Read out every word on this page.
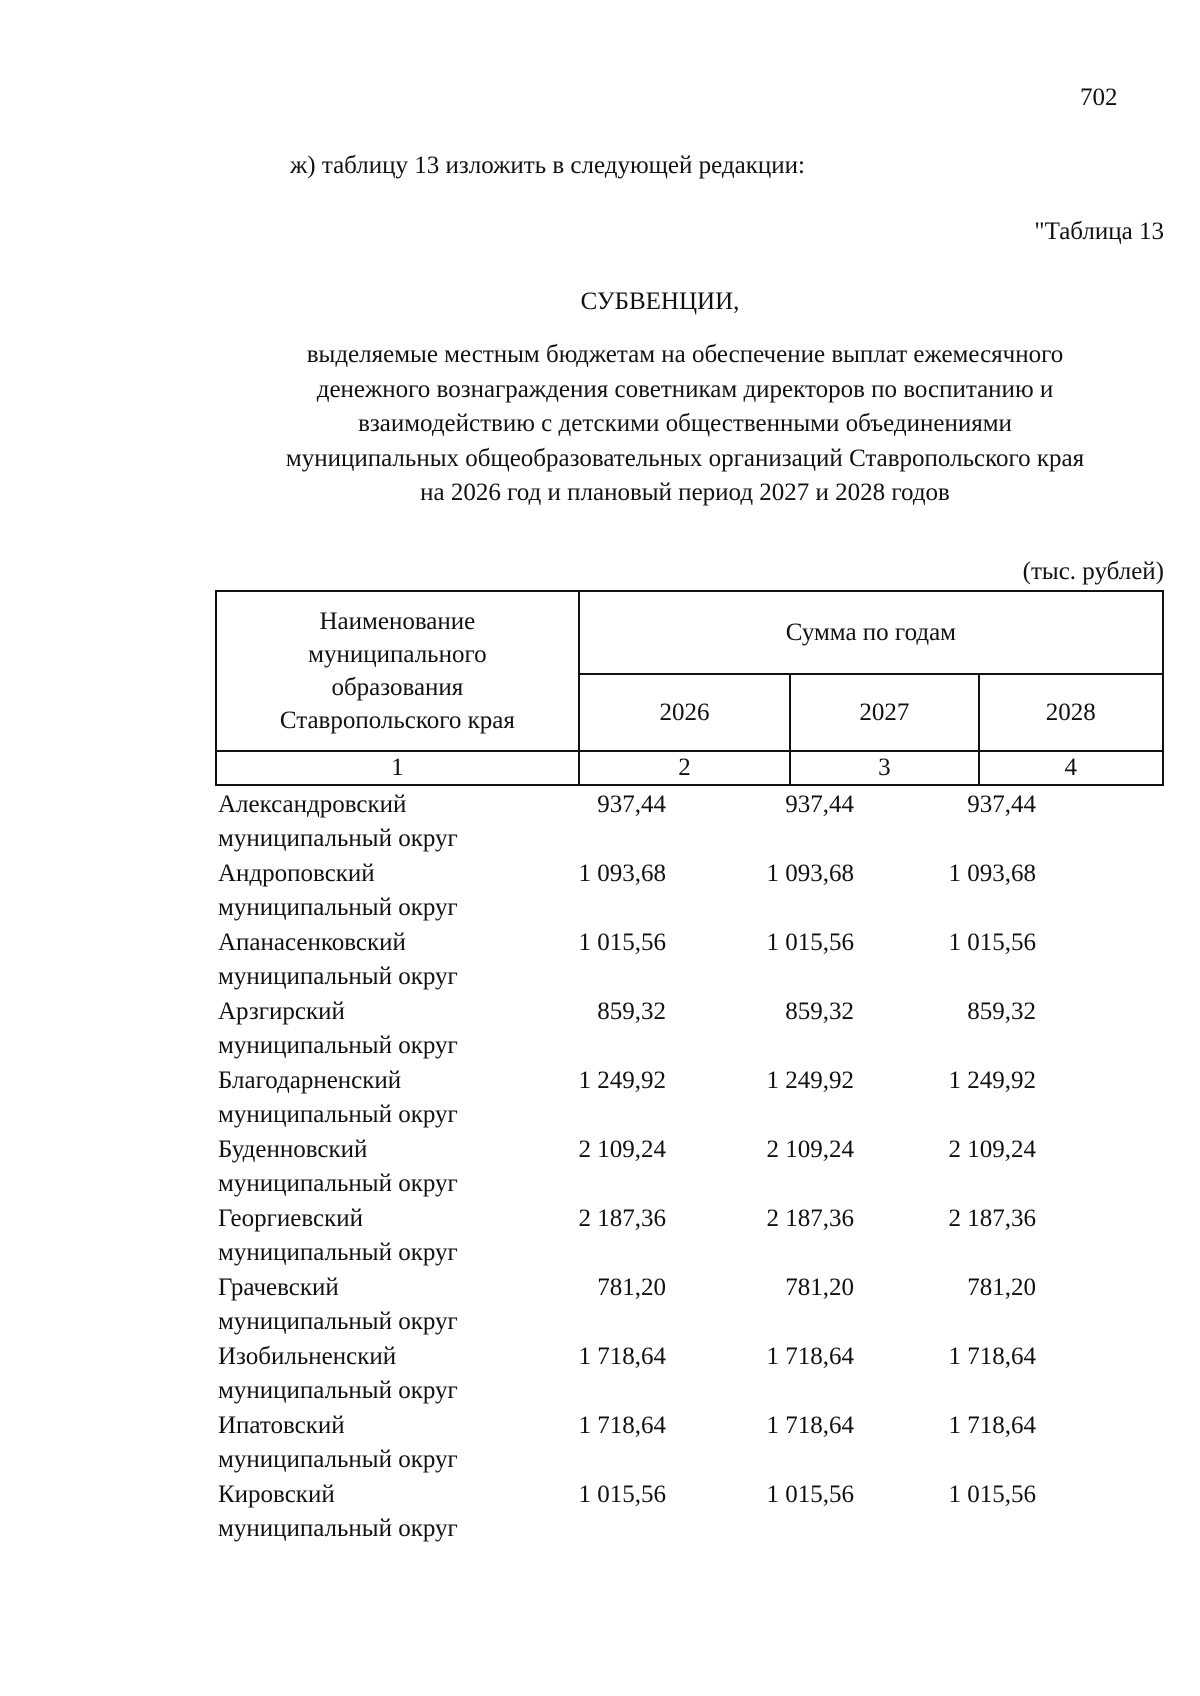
702
ж) таблицу 13 изложить в следующей редакции:
"Таблица 13
СУБВЕНЦИИ,
выделяемые местным бюджетам на обеспечение выплат ежемесячного
денежного вознаграждения советникам директоров по воспитанию и
взаимодействию с детскими общественными объединениями
муниципальных общеобразовательных организаций Ставропольского края
на 2026 год и плановый период 2027 и 2028 годов
(тыс. рублей)
Наименование
муниципального
образования
Ставропольского края	Сумма по годам		
	2026	2027	2028
1	2	3	4
Александровский
муниципальный округ
937,44	937,44	937,44
Андроповский
муниципальный округ
1 093,68	1 093,68	1 093,68
Апанасенковский
муниципальный округ
1 015,56	1 015,56	1 015,56
Арзгирский
муниципальный округ
859,32	859,32	859,32
Благодарненский
муниципальный округ
1 249,92	1 249,92	1 249,92
Буденновский
муниципальный округ
2 109,24	2 109,24	2 109,24
Георгиевский
муниципальный округ
2 187,36	2 187,36	2 187,36
Грачевский
муниципальный округ
781,20	781,20	781,20
Изобильненский
муниципальный округ
1 718,64	1 718,64	1 718,64
Ипатовский
муниципальный округ
1 718,64	1 718,64	1 718,64
Кировский
муниципальный округ
1 015,56	1 015,56	1 015,56
